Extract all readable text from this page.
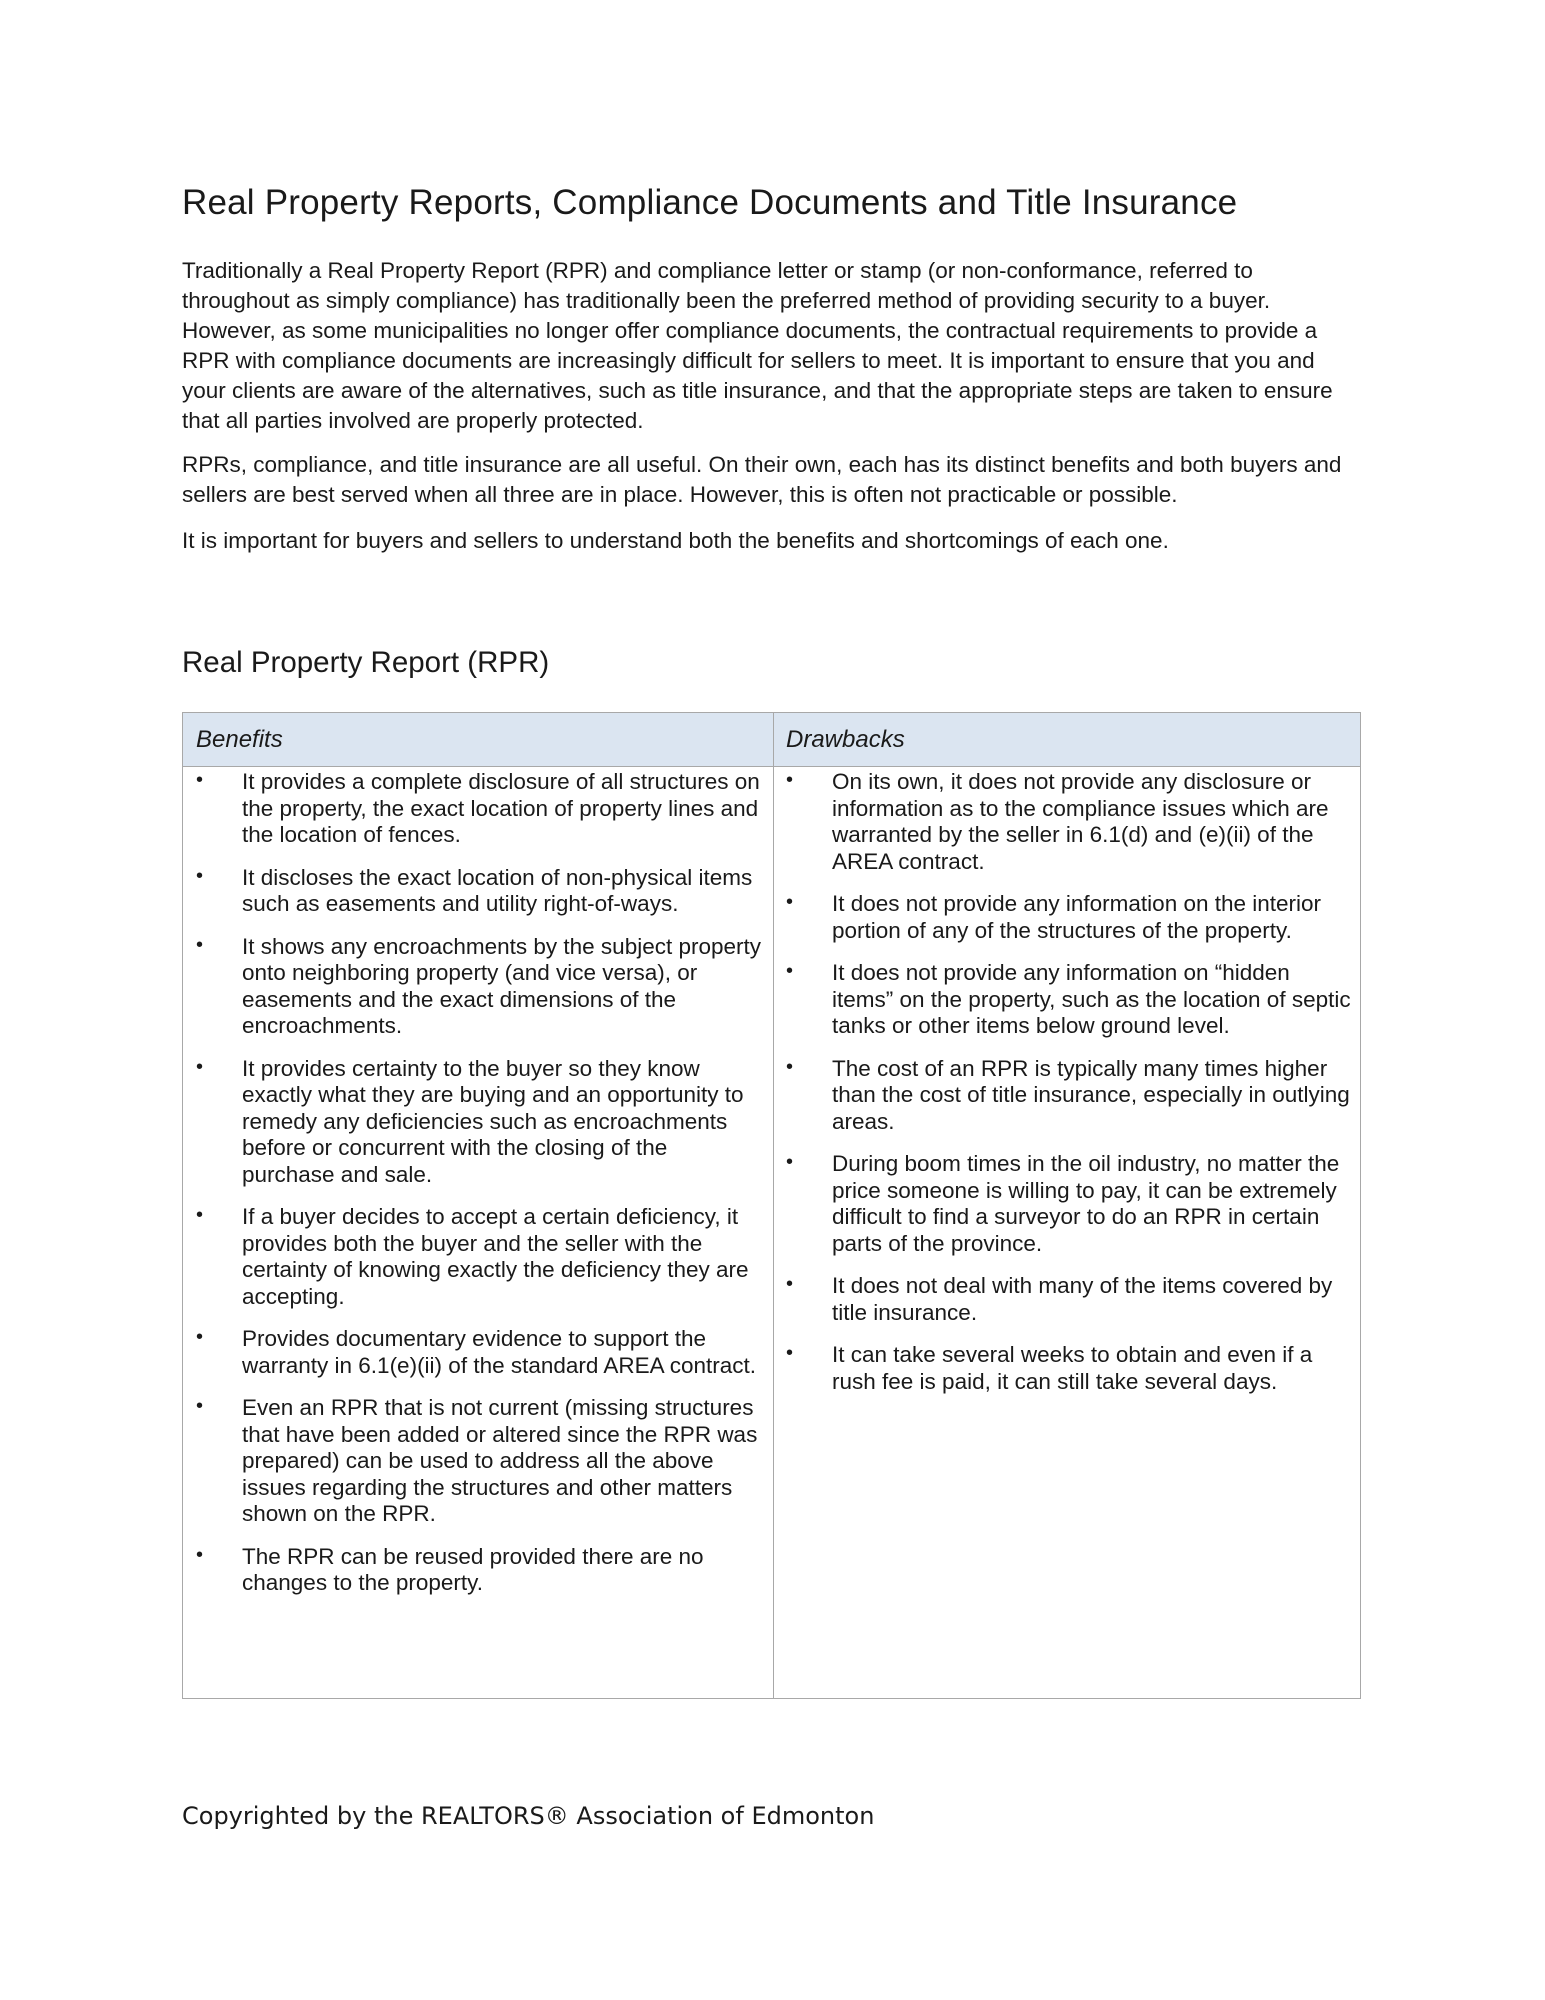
Real Property Reports, Compliance Documents and Title Insurance

Traditionally a Real Property Report (RPR) and compliance letter or stamp (or non-conformance, referred to throughout as simply compliance) has traditionally been the preferred method of providing security to a buyer. However, as some municipalities no longer offer compliance documents, the contractual requirements to provide a RPR with compliance documents are increasingly difficult for sellers to meet. It is important to ensure that you and your clients are aware of the alternatives, such as title insurance, and that the appropriate steps are taken to ensure that all parties involved are properly protected.

RPRs, compliance, and title insurance are all useful. On their own, each has its distinct benefits and both buyers and sellers are best served when all three are in place. However, this is often not practicable or possible.

It is important for buyers and sellers to understand both the benefits and shortcomings of each one.

Real Property Report (RPR)
Benefits	Drawbacks
• It provides a complete disclosure of all structures on the property, the exact location of property lines and the location of fences.
• It discloses the exact location of non-physical items such as easements and utility right-of-ways.
• It shows any encroachments by the subject property onto neighboring property (and vice versa), or easements and the exact dimensions of the encroachments.
• It provides certainty to the buyer so they know exactly what they are buying and an opportunity to remedy any deficiencies such as encroachments before or concurrent with the closing of the purchase and sale.
• If a buyer decides to accept a certain deficiency, it provides both the buyer and the seller with the certainty of knowing exactly the deficiency they are accepting.
• Provides documentary evidence to support the warranty in 6.1(e)(ii) of the standard AREA contract.
• Even an RPR that is not current (missing structures that have been added or altered since the RPR was prepared) can be used to address all the above issues regarding the structures and other matters shown on the RPR.
• The RPR can be reused provided there are no changes to the property.
• On its own, it does not provide any disclosure or information as to the compliance issues which are warranted by the seller in 6.1(d) and (e)(ii) of the AREA contract.
• It does not provide any information on the interior portion of any of the structures of the property.
• It does not provide any information on “hidden items” on the property, such as the location of septic tanks or other items below ground level.
• The cost of an RPR is typically many times higher than the cost of title insurance, especially in outlying areas.
• During boom times in the oil industry, no matter the price someone is willing to pay, it can be extremely difficult to find a surveyor to do an RPR in certain parts of the province.
• It does not deal with many of the items covered by title insurance.
• It can take several weeks to obtain and even if a rush fee is paid, it can still take several days.
Copyrighted by the REALTORS® Association of Edmonton
